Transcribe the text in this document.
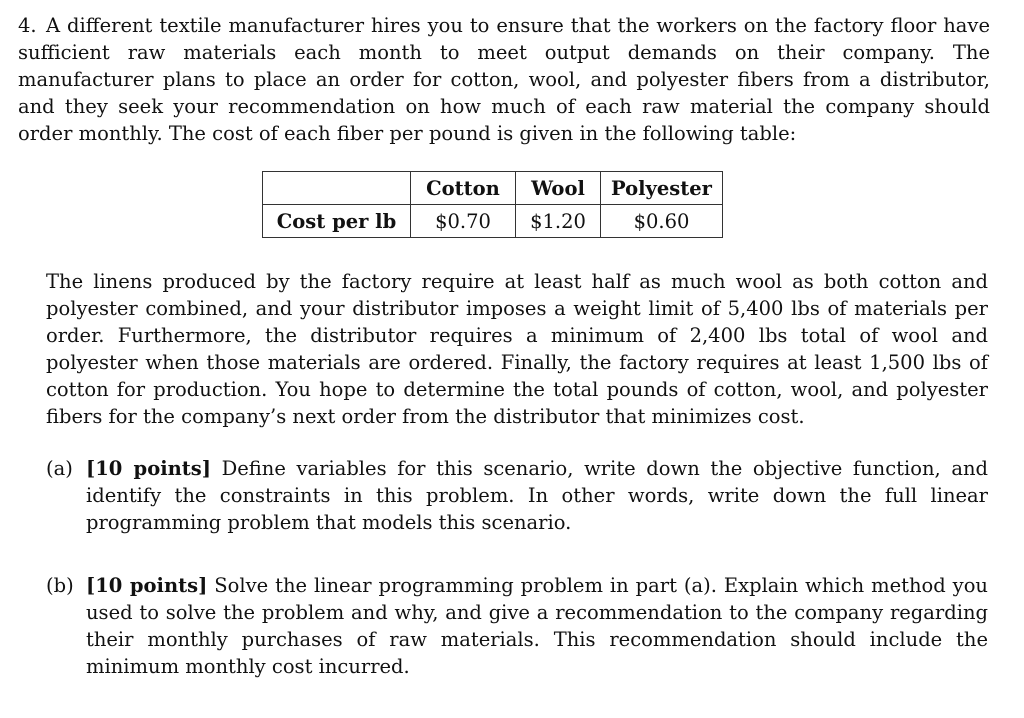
4. A different textile manufacturer hires you to ensure that the workers on the factory floor have sufficient raw materials each month to meet output demands on their company. The manufacturer plans to place an order for cotton, wool, and polyester fibers from a distributor, and they seek your recommendation on how much of each raw material the company should order monthly. The cost of each fiber per pound is given in the following table:
	Cotton	Wool	Polyester
Cost per lb	$0.70	$1.20	$0.60
The linens produced by the factory require at least half as much wool as both cotton and polyester combined, and your distributor imposes a weight limit of 5,400 lbs of materials per order. Furthermore, the distributor requires a minimum of 2,400 lbs total of wool and polyester when those materials are ordered. Finally, the factory requires at least 1,500 lbs of cotton for production. You hope to determine the total pounds of cotton, wool, and polyester fibers for the company’s next order from the distributor that minimizes cost.
(a) [10 points] Define variables for this scenario, write down the objective function, and identify the constraints in this problem. In other words, write down the full linear programming problem that models this scenario.
(b) [10 points] Solve the linear programming problem in part (a). Explain which method you used to solve the problem and why, and give a recommendation to the company regarding their monthly purchases of raw materials. This recommendation should include the minimum monthly cost incurred.
